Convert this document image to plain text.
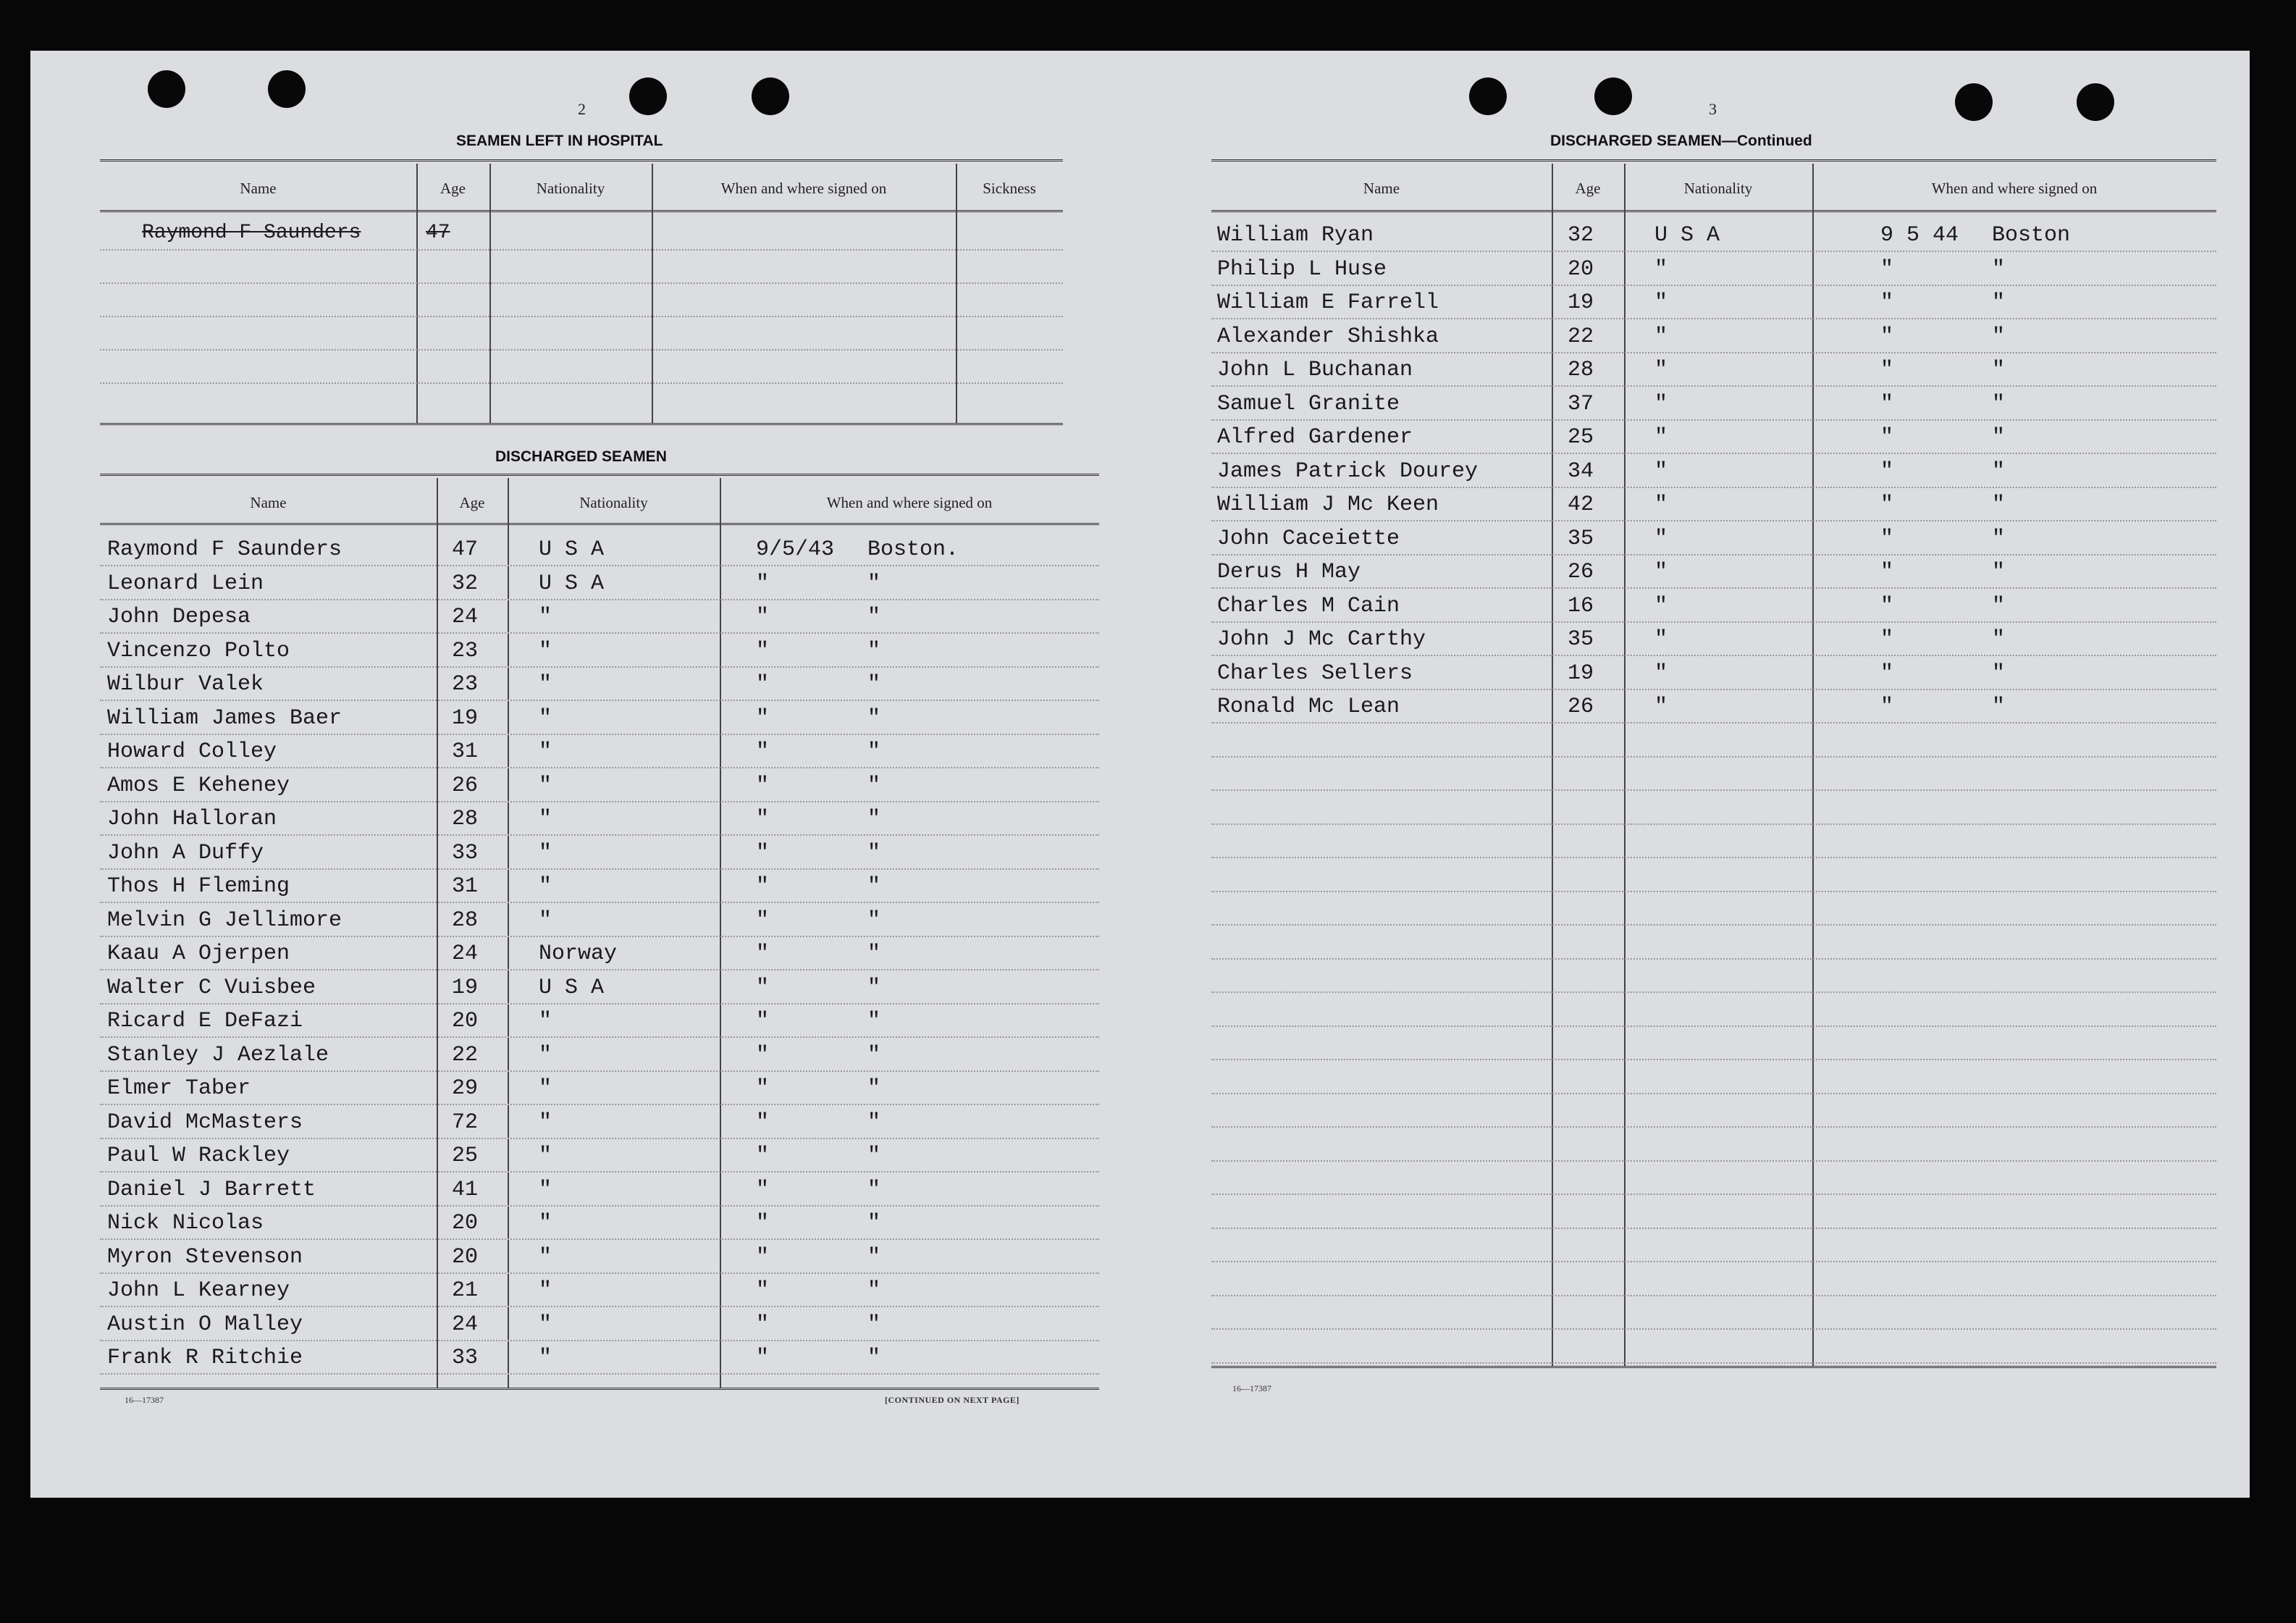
2
SEAMEN LEFT IN HOSPITAL
Name	Age	Nationality	When and where signed on	Sickness
Raymond F Saunders	47
DISCHARGED SEAMEN
Name	Age	Nationality	When and where signed on
Raymond F Saunders	47	U S A	9/5/43 Boston.
Leonard Lein	32	U S A	"	"
John Depesa	24	"	"	"
Vincenzo Polto	23	"	"	"
Wilbur Valek	23	"	"	"
William James Baer	19	"	"	"
Howard Colley	31	"	"	"
Amos E Keheney	26	"	"	"
John Halloran	28	"	"	"
John A Duffy	33	"	"	"
Thos H Fleming	31	"	"	"
Melvin G Jellimore	28	"	"	"
Kaau A Ojerpen	24	Norway	"	"
Walter C Vuisbee	19	U S A	"	"
Ricard E DeFazi	20	"	"	"
Stanley J Aezlale	22	"	"	"
Elmer Taber	29	"	"	"
David McMasters	72	"	"	"
Paul W Rackley	25	"	"	"
Daniel J Barrett	41	"	"	"
Nick Nicolas	20	"	"	"
Myron Stevenson	20	"	"	"
John L Kearney	21	"	"	"
Austin O Malley	24	"	"	"
Frank R Ritchie	33	"	"	"
16—17387	[CONTINUED ON NEXT PAGE]
3
DISCHARGED SEAMEN—Continued
Name	Age	Nationality	When and where signed on
William Ryan	32	U S A	9 5 44 Boston
Philip L Huse	20	"	"	"
William E Farrell	19	"	"	"
Alexander Shishka	22	"	"	"
John L Buchanan	28	"	"	"
Samuel Granite	37	"	"	"
Alfred Gardener	25	"	"	"
James Patrick Dourey	34	"	"	"
William J Mc Keen	42	"	"	"
John Caceiette	35	"	"	"
Derus H May	26	"	"	"
Charles M Cain	16	"	"	"
John J Mc Carthy	35	"	"	"
Charles Sellers	19	"	"	"
Ronald Mc Lean	26	"	"	"
16—17387
